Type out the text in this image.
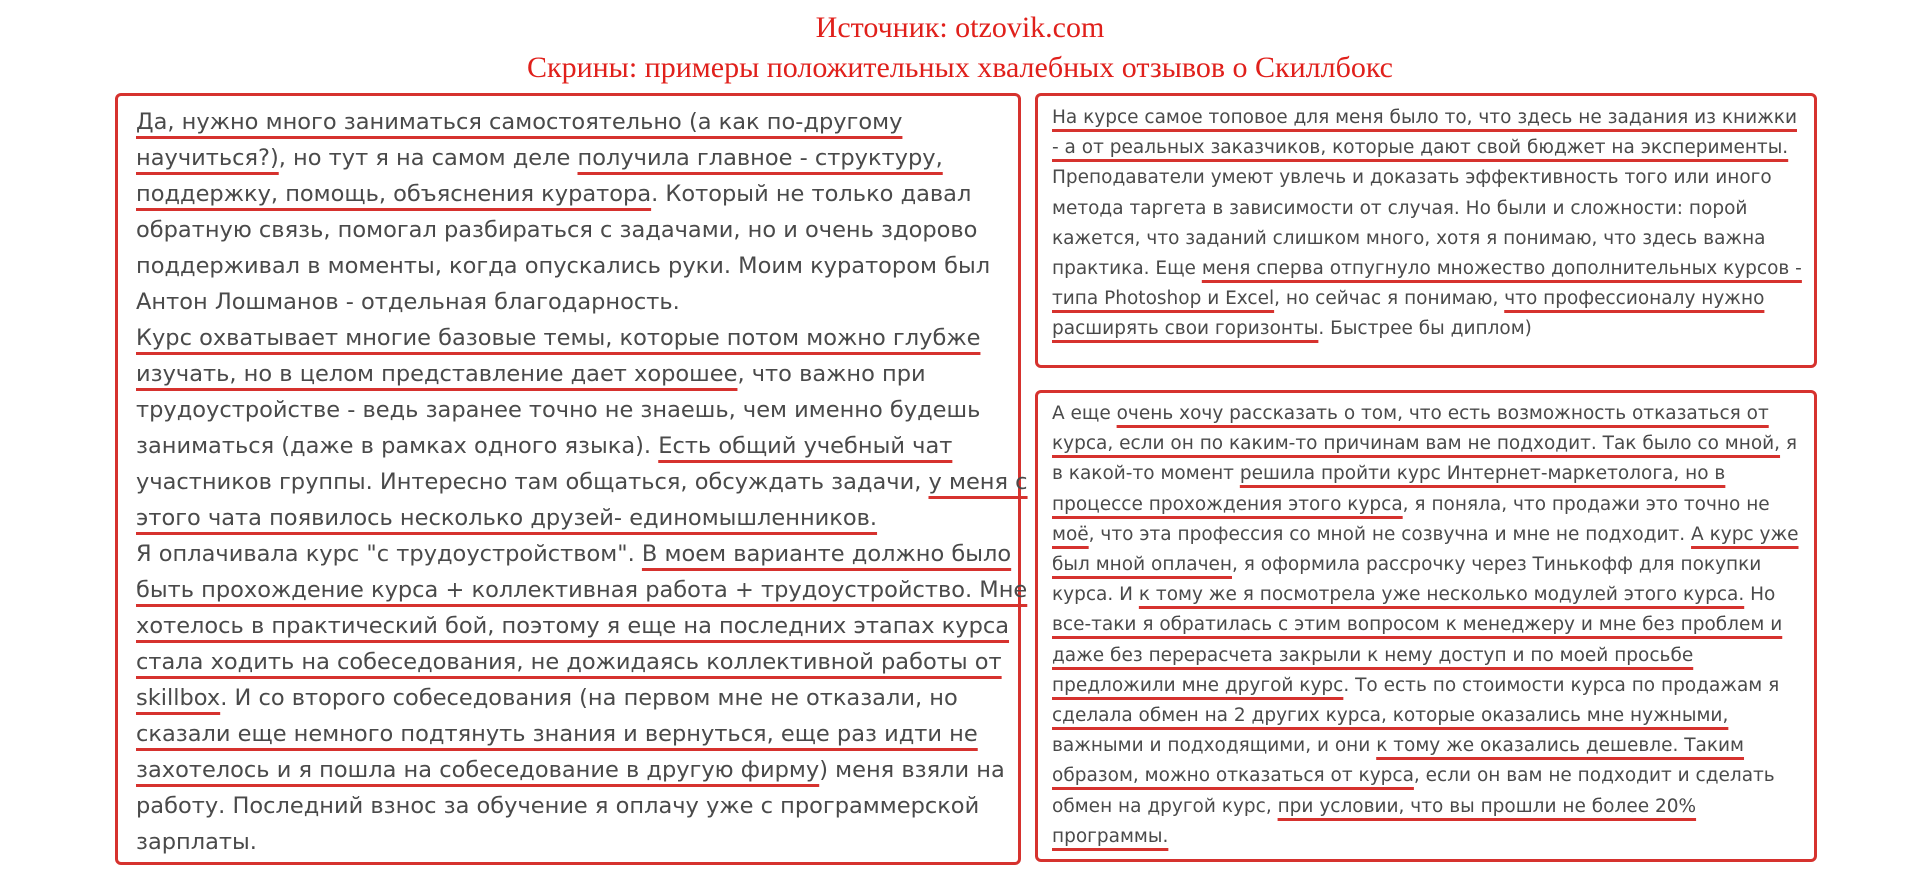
Источник: otzovik.com
Скрины: примеры положительных хвалебных отзывов о Скиллбокс
Да, нужно много заниматься самостоятельно (а как по-другому
научиться?), но тут я на самом деле получила главное - структуру,
поддержку, помощь, объяснения куратора. Который не только давал
обратную связь, помогал разбираться с задачами, но и очень здорово
поддерживал в моменты, когда опускались руки. Моим куратором был
Антон Лошманов - отдельная благодарность.
Курс охватывает многие базовые темы, которые потом можно глубже
изучать, но в целом представление дает хорошее, что важно при
трудоустройстве - ведь заранее точно не знаешь, чем именно будешь
заниматься (даже в рамках одного языка). Есть общий учебный чат
участников группы. Интересно там общаться, обсуждать задачи, у меня с
этого чата появилось несколько друзей- единомышленников.
Я оплачивала курс "с трудоустройством". В моем варианте должно было
быть прохождение курса + коллективная работа + трудоустройство. Мне
хотелось в практический бой, поэтому я еще на последних этапах курса
стала ходить на собеседования, не дожидаясь коллективной работы от
skillbox. И со второго собеседования (на первом мне не отказали, но
сказали еще немного подтянуть знания и вернуться, еще раз идти не
захотелось и я пошла на собеседование в другую фирму) меня взяли на
работу. Последний взнос за обучение я оплачу уже с программерской
зарплаты.
На курсе самое топовое для меня было то, что здесь не задания из книжки
- а от реальных заказчиков, которые дают свой бюджет на эксперименты.
Преподаватели умеют увлечь и доказать эффективность того или иного
метода таргета в зависимости от случая. Но были и сложности: порой
кажется, что заданий слишком много, хотя я понимаю, что здесь важна
практика. Еще меня сперва отпугнуло множество дополнительных курсов -
типа Photoshop и Excel, но сейчас я понимаю, что профессионалу нужно
расширять свои горизонты. Быстрее бы диплом)
А еще очень хочу рассказать о том, что есть возможность отказаться от
курса, если он по каким-то причинам вам не подходит. Так было со мной, я
в какой-то момент решила пройти курс Интернет-маркетолога, но в
процессе прохождения этого курса, я поняла, что продажи это точно не
моё, что эта профессия со мной не созвучна и мне не подходит. А курс уже
был мной оплачен, я оформила рассрочку через Тинькофф для покупки
курса. И к тому же я посмотрела уже несколько модулей этого курса. Но
все-таки я обратилась с этим вопросом к менеджеру и мне без проблем и
даже без перерасчета закрыли к нему доступ и по моей просьбе
предложили мне другой курс. То есть по стоимости курса по продажам я
сделала обмен на 2 других курса, которые оказались мне нужными,
важными и подходящими, и они к тому же оказались дешевле. Таким
образом, можно отказаться от курса, если он вам не подходит и сделать
обмен на другой курс, при условии, что вы прошли не более 20%
программы.
